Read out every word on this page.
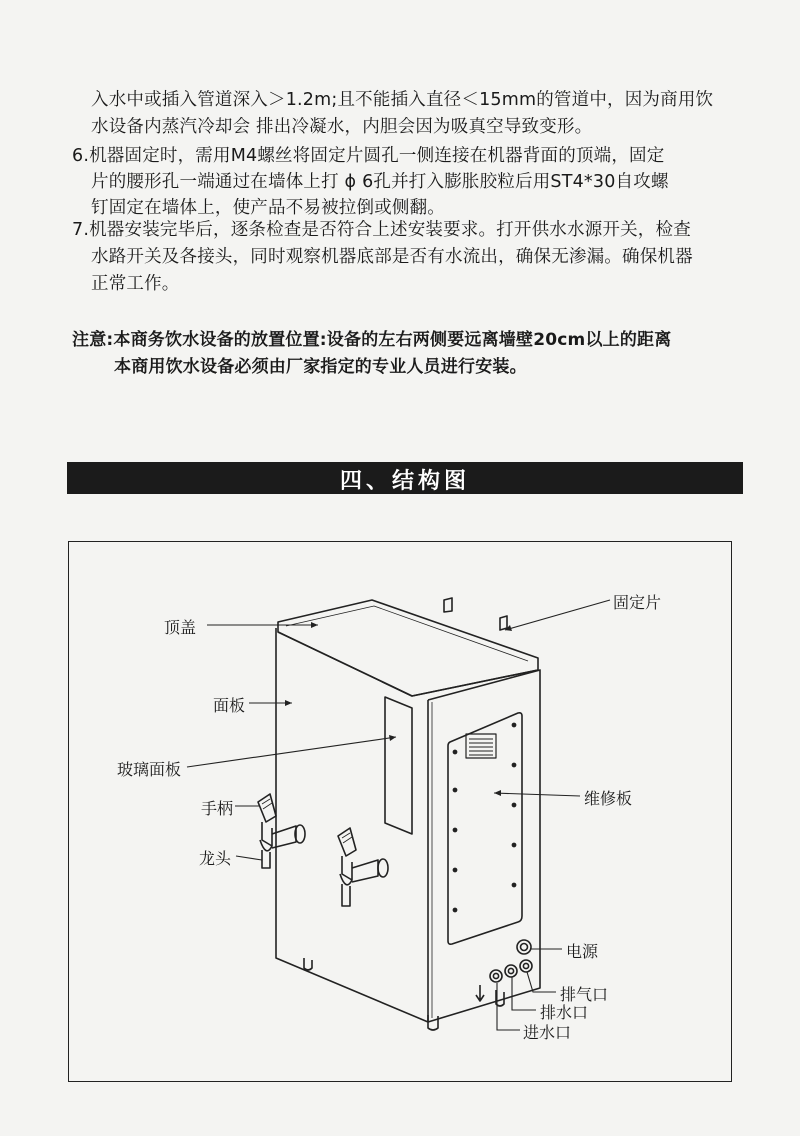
入水中或插入管道深入＞1.2m;且不能插入直径＜15mm的管道中，因为商用饮
水设备内蒸汽冷却会 排出冷凝水，内胆会因为吸真空导致变形。
6.机器固定时，需用M4螺丝将固定片圆孔一侧连接在机器背面的顶端，固定
片的腰形孔一端通过在墙体上打 ϕ 6孔并打入膨胀胶粒后用ST4*30自攻螺
钉固定在墙体上，使产品不易被拉倒或侧翻。
7.机器安装完毕后，逐条检查是否符合上述安装要求。打开供水水源开关，检查
水路开关及各接头，同时观察机器底部是否有水流出，确保无渗漏。确保机器
正常工作。
注意:本商务饮水设备的放置位置:设备的左右两侧要远离墙壁20cm以上的距离
本商用饮水设备必须由厂家指定的专业人员进行安装。
四、结构图
顶盖
面板
玻璃面板
手柄
龙头
固定片
维修板
电源
排气口
排水口
进水口
